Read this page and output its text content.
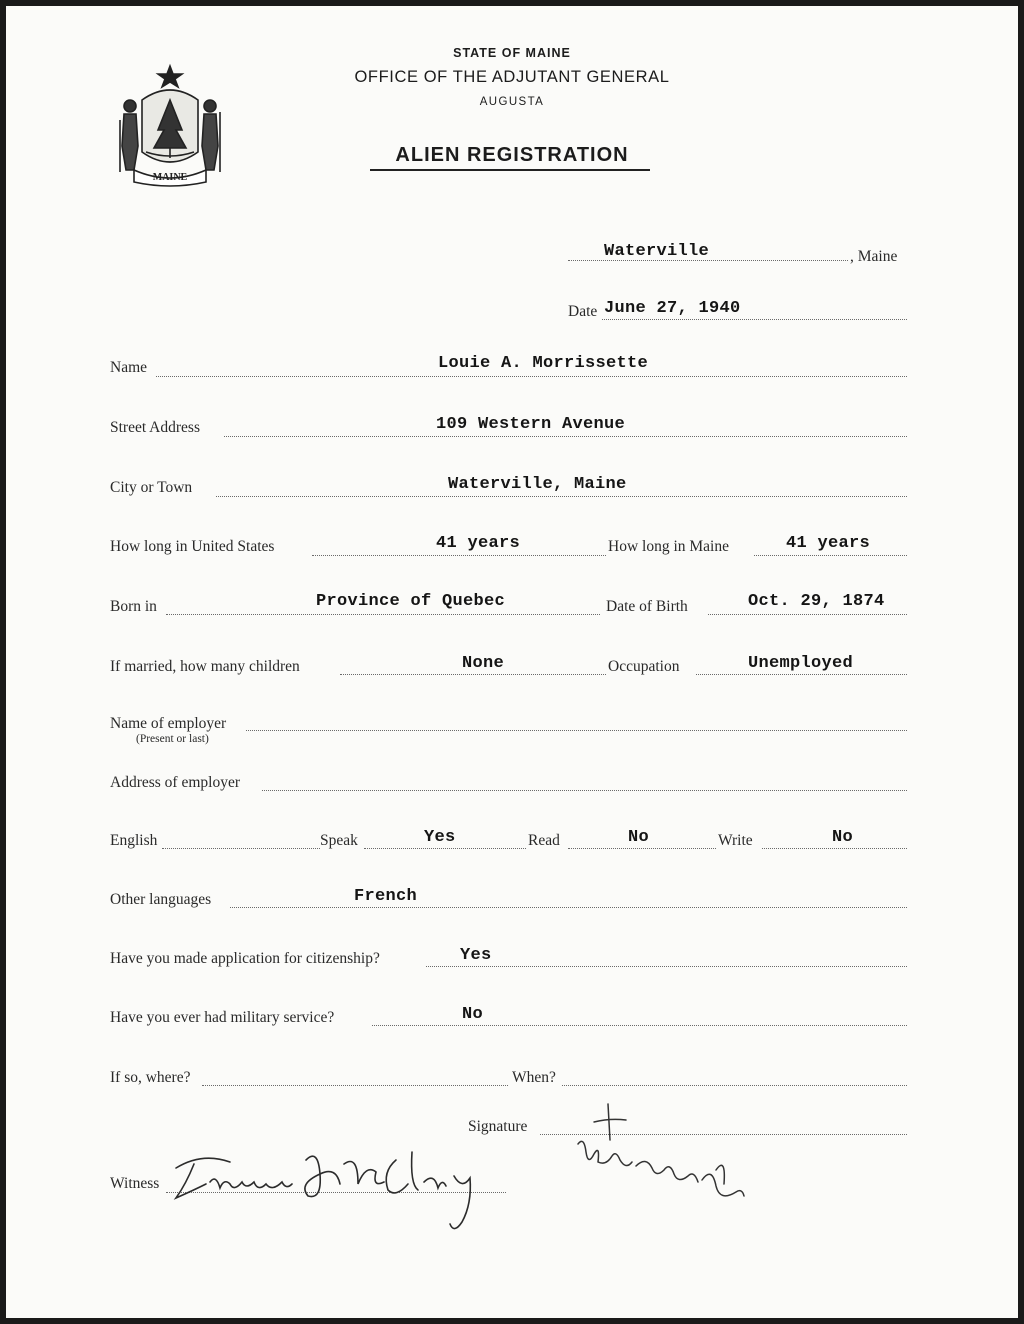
MAINE
STATE OF MAINE
OFFICE OF THE ADJUTANT GENERAL
AUGUSTA
ALIEN REGISTRATION
Waterville	, Maine
Date June 27, 1940
Name	Louie A. Morrissette
Street Address	109 Western Avenue
City or Town	Waterville, Maine
How long in United States	41 years	How long in Maine	41 years
Born in	Province of Quebec	Date of Birth	Oct. 29, 1874
If married, how many children	None	Occupation	Unemployed
Name of employer
(Present or last)
Address of employer
English	Speak	Yes	Read	No	Write	No
Other languages	French
Have you made application for citizenship?	Yes
Have you ever had military service?	No
If so, where?	When?
Signature
Witness
